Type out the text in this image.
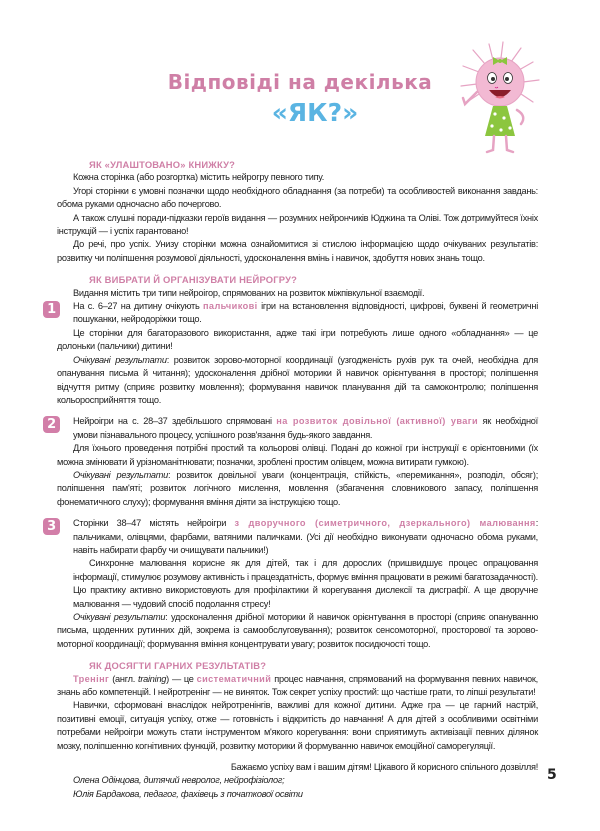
Відповіді на декілька
«ЯК?»

ЯК «УЛАШТОВАНО» КНИЖКУ?

Кожна сторінка (або розгортка) містить нейрогру певного типу.

Угорі сторінки є умовні позначки щодо необхідного обладнання (за потреби) та особливостей виконання завдань: обома руками одночасно або почергово.

А також слушні поради-підказки героїв видання — розумних нейрончиків Юджина та Оліві. Тож дотримуйтеся їхніх інструкцій — і успіх гарантовано!

До речі, про успіх. Унизу сторінки можна ознайомитися зі стислою інформацією щодо очікуваних результатів: розвитку чи поліпшення розумової діяльності, удосконалення вмінь і навичок, здобуття нових знань тощо.

ЯК ВИБРАТИ Й ОРГАНІЗУВАТИ НЕЙРОГРУ?

Видання містить три типи нейроігор, спрямованих на розвиток міжпівкульної взаємодії.

1	На с. 6–27 на дитину очікують пальчикові ігри на встановлення відповідності, цифрові, буквені й геометричні пошуканки, нейродоріжки тощо.

Це сторінки для багаторазового використання, адже такі ігри потребують лише одного «обладнання» — це долоньки (пальчики) дитини!

Очікувані результати: розвиток зорово-моторної координації (узгодженість рухів рук та очей, необхідна для опанування письма й читання); удосконалення дрібної моторики й навичок орієнтування в просторі; поліпшення відчуття ритму (сприяє розвитку мовлення); формування навичок планування дій та самоконтролю; поліпшення кольоросприйняття тощо.

2	Нейроігри на с. 28–37 здебільшого спрямовані на розвиток довільної (активної) уваги як необхідної умови пізнавального процесу, успішного розв'язання будь-якого завдання.

Для їхнього проведення потрібні простий та кольорові олівці. Подані до кожної гри інструкції є орієнтовними (їх можна змінювати й урізноманітнювати; позначки, зроблені простим олівцем, можна витирати гумкою).

Очікувані результати: розвиток довільної уваги (концентрація, стійкість, «перемикання», розподіл, обсяг); поліпшення пам'яті; розвиток логічного мислення, мовлення (збагачення словникового запасу, поліпшення фонематичного слуху); формування вміння діяти за інструкцією тощо.

3	Сторінки 38–47 містять нейроігри з дворучного (симетричного, дзеркального) малювання: пальчиками, олівцями, фарбами, ватяними паличками. (Усі дії необхідно виконувати одночасно обома руками, навіть набирати фарбу чи очищувати пальчики!)

Синхронне малювання корисне як для дітей, так і для дорослих (пришвидшує процес опрацювання інформації, стимулює розумову активність і працездатність, формує вміння працювати в режимі багатозадачності). Цю практику активно використовують для профілактики й корегування дислексії та дисграфії. А ще дворучне малювання — чудовий спосіб подолання стресу!

Очікувані результати: удосконалення дрібної моторики й навичок орієнтування в просторі (сприяє опануванню письма, щоденних рутинних дій, зокрема із самообслуговування); розвиток сенсомоторної, просторової та зорово-моторної координації; формування вміння концентрувати увагу; розвиток посидючості тощо.

ЯК ДОСЯГТИ ГАРНИХ РЕЗУЛЬТАТІВ?

Тренінг (англ. training) — це систематичний процес навчання, спрямований на формування певних навичок, знань або компетенцій. І нейротренінг — не виняток. Тож секрет успіху простий: що частіше грати, то ліпші результати!

Навички, сформовані внаслідок нейротренінгів, важливі для кожної дитини. Адже гра — це гарний настрій, позитивні емоції, ситуація успіху, отже — готовність і відкритість до навчання! А для дітей з особливими освітніми потребами нейроігри можуть стати інструментом м'якого корегування: вони сприятимуть активізації певних ділянок мозку, поліпшенню когнітивних функцій, розвитку моторики й формуванню навичок емоційної саморегуляції.

Бажаємо успіху вам і вашим дітям! Цікавого й корисного спільного дозвілля!

Олена Одінцова, дитячий невролог, нейрофізіолог;

Юлія Бардакова, педагог, фахівець з початкової освіти

5
